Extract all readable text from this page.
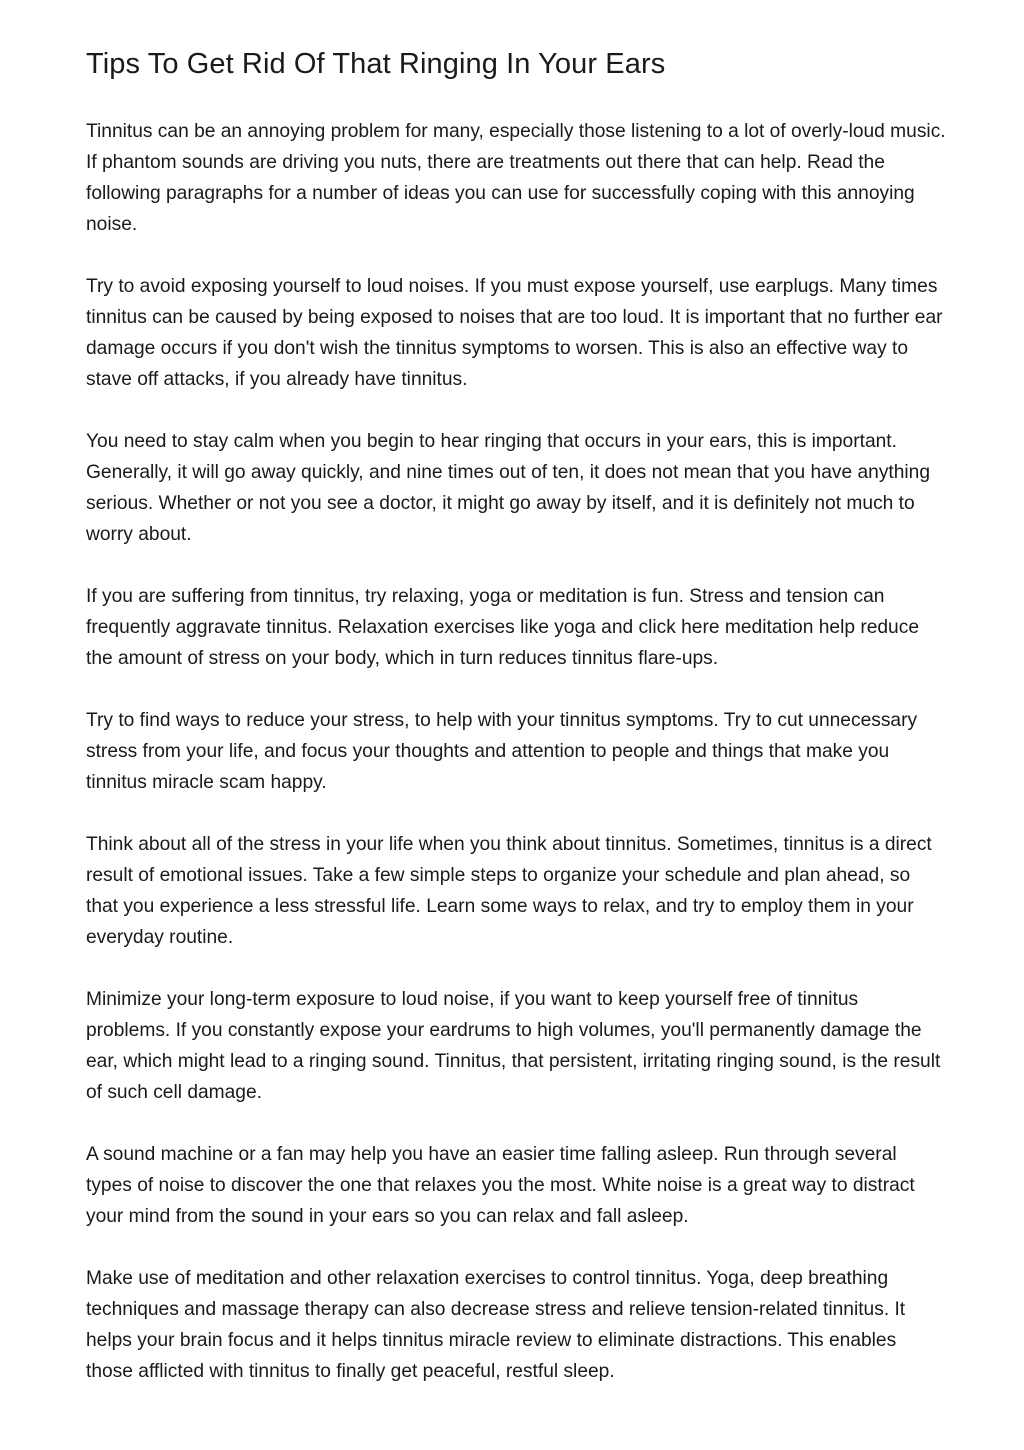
Tips To Get Rid Of That Ringing In Your Ears

Tinnitus can be an annoying problem for many, especially those listening to a lot of overly-loud music. If phantom sounds are driving you nuts, there are treatments out there that can help. Read the following paragraphs for a number of ideas you can use for successfully coping with this annoying noise.

Try to avoid exposing yourself to loud noises. If you must expose yourself, use earplugs. Many times tinnitus can be caused by being exposed to noises that are too loud. It is important that no further ear damage occurs if you don't wish the tinnitus symptoms to worsen. This is also an effective way to stave off attacks, if you already have tinnitus.

You need to stay calm when you begin to hear ringing that occurs in your ears, this is important. Generally, it will go away quickly, and nine times out of ten, it does not mean that you have anything serious. Whether or not you see a doctor, it might go away by itself, and it is definitely not much to worry about.

If you are suffering from tinnitus, try relaxing, yoga or meditation is fun. Stress and tension can frequently aggravate tinnitus. Relaxation exercises like yoga and click here meditation help reduce the amount of stress on your body, which in turn reduces tinnitus flare-ups.

Try to find ways to reduce your stress, to help with your tinnitus symptoms. Try to cut unnecessary stress from your life, and focus your thoughts and attention to people and things that make you tinnitus miracle scam happy.

Think about all of the stress in your life when you think about tinnitus. Sometimes, tinnitus is a direct result of emotional issues. Take a few simple steps to organize your schedule and plan ahead, so that you experience a less stressful life. Learn some ways to relax, and try to employ them in your everyday routine.

Minimize your long-term exposure to loud noise, if you want to keep yourself free of tinnitus problems. If you constantly expose your eardrums to high volumes, you'll permanently damage the ear, which might lead to a ringing sound. Tinnitus, that persistent, irritating ringing sound, is the result of such cell damage.

A sound machine or a fan may help you have an easier time falling asleep. Run through several types of noise to discover the one that relaxes you the most. White noise is a great way to distract your mind from the sound in your ears so you can relax and fall asleep.

Make use of meditation and other relaxation exercises to control tinnitus. Yoga, deep breathing techniques and massage therapy can also decrease stress and relieve tension-related tinnitus. It helps your brain focus and it helps tinnitus miracle review to eliminate distractions. This enables those afflicted with tinnitus to finally get peaceful, restful sleep.
